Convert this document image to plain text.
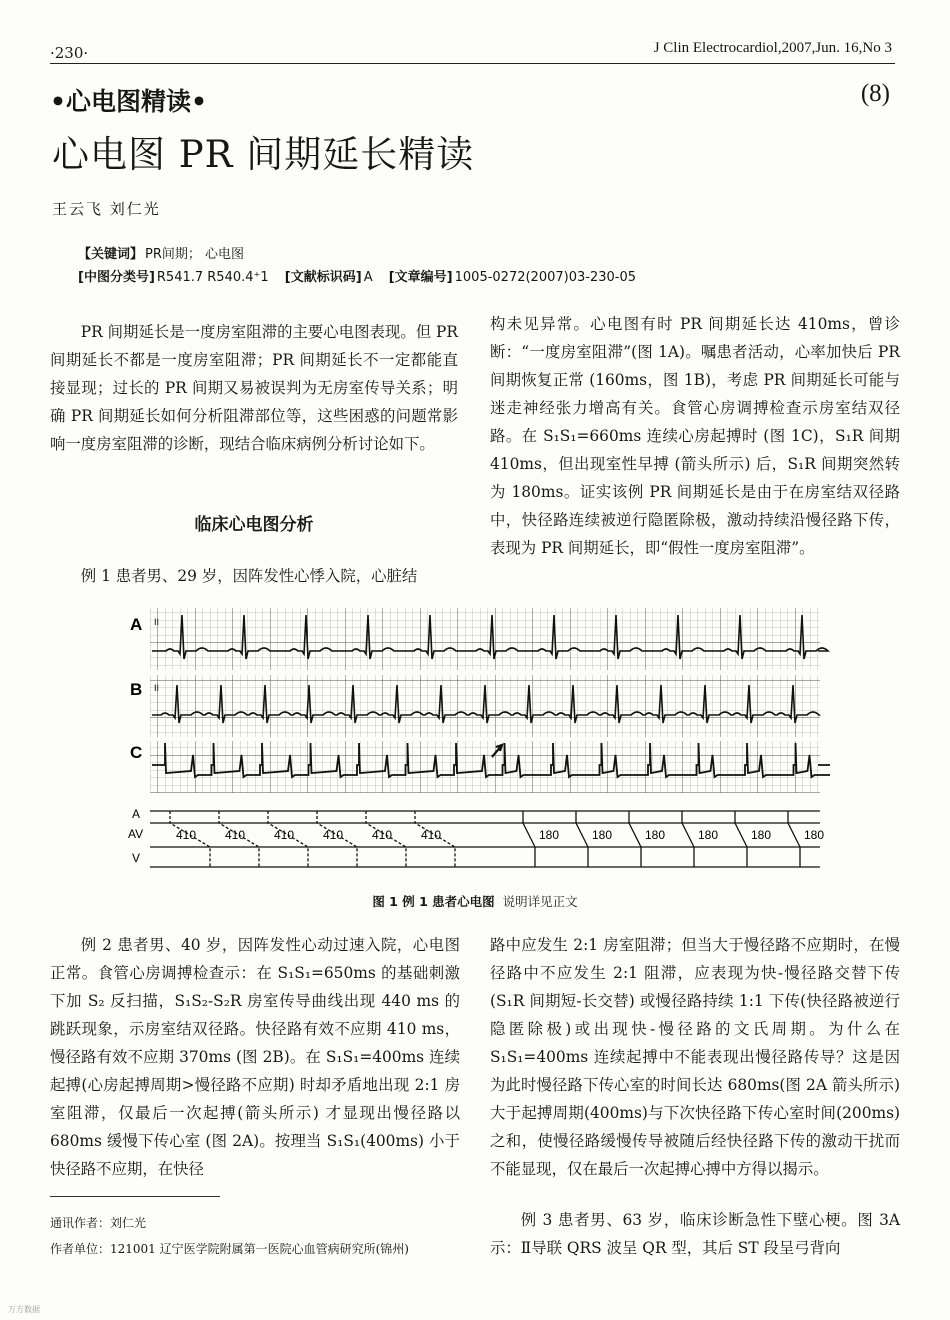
·230·	J Clin Electrocardiol,2007,Jun. 16,No 3
•心电图精读•	(8)
心电图 PR 间期延长精读
王云飞 刘仁光
【关键词】 PR间期； 心电图
[中图分类号] R541.7 R540.4⁺1 [文献标识码] A [文章编号] 1005-0272(2007)03-230-05

PR 间期延长是一度房室阻滞的主要心电图表现。但 PR 间期延长不都是一度房室阻滞；PR 间期延长不一定都能直接显现；过长的 PR 间期又易被误判为无房室传导关系；明确 PR 间期延长如何分析阻滞部位等，这些困惑的问题常影响一度房室阻滞的诊断，现结合临床病例分析讨论如下。

临床心电图分析

例 1 患者男、29 岁，因阵发性心悸入院，心脏结

构未见异常。心电图有时 PR 间期延长达 410ms，曾诊断：“一度房室阻滞”(图 1A)。嘱患者活动，心率加快后 PR 间期恢复正常 (160ms，图 1B)，考虑 PR 间期延长可能与迷走神经张力增高有关。食管心房调搏检查示房室结双径路。在 S₁S₁=660ms 连续心房起搏时 (图 1C)，S₁R 间期 410ms，但出现室性早搏 (箭头所示) 后，S₁R 间期突然转为 180ms。证实该例 PR 间期延长是由于在房室结双径路中，快径路连续被逆行隐匿除极，激动持续沿慢径路下传，表现为 PR 间期延长，即“假性一度房室阻滞”。

A II
B II
C
A
AV
V
410 410 410 410 410 410	180	180	180	180	180	180
图 1 例 1 患者心电图 说明详见正文

例 2 患者男、40 岁，因阵发性心动过速入院，心电图正常。食管心房调搏检查示：在 S₁S₁=650ms 的基础刺激下加 S₂ 反扫描，S₁S₂-S₂R 房室传导曲线出现 440 ms 的跳跃现象，示房室结双径路。快径路有效不应期 410 ms，慢径路有效不应期 370ms (图 2B)。在 S₁S₁=400ms 连续起搏(心房起搏周期>慢径路不应期) 时却矛盾地出现 2:1 房室阻滞，仅最后一次起搏(箭头所示) 才显现出慢径路以 680ms 缓慢下传心室 (图 2A)。按理当 S₁S₁(400ms) 小于快径路不应期，在快径

路中应发生 2:1 房室阻滞；但当大于慢径路不应期时，在慢径路中不应发生 2:1 阻滞，应表现为快-慢径路交替下传 (S₁R 间期短-长交替) 或慢径路持续 1:1 下传(快径路被逆行隐匿除极)或出现快-慢径路的文氏周期。为什么在 S₁S₁=400ms 连续起搏中不能表现出慢径路传导？这是因为此时慢径路下传心室的时间长达 680ms(图 2A 箭头所示)大于起搏周期(400ms)与下次快径路下传心室时间(200ms)之和，使慢径路缓慢传导被随后经快径路下传的激动干扰而不能显现，仅在最后一次起搏心搏中方得以揭示。

通讯作者：刘仁光
作者单位：121001 辽宁医学院附属第一医院心血管病研究所(锦州)

例 3 患者男、63 岁，临床诊断急性下壁心梗。图 3A 示：Ⅱ导联 QRS 波呈 QR 型，其后 ST 段呈弓背向

万方数据
